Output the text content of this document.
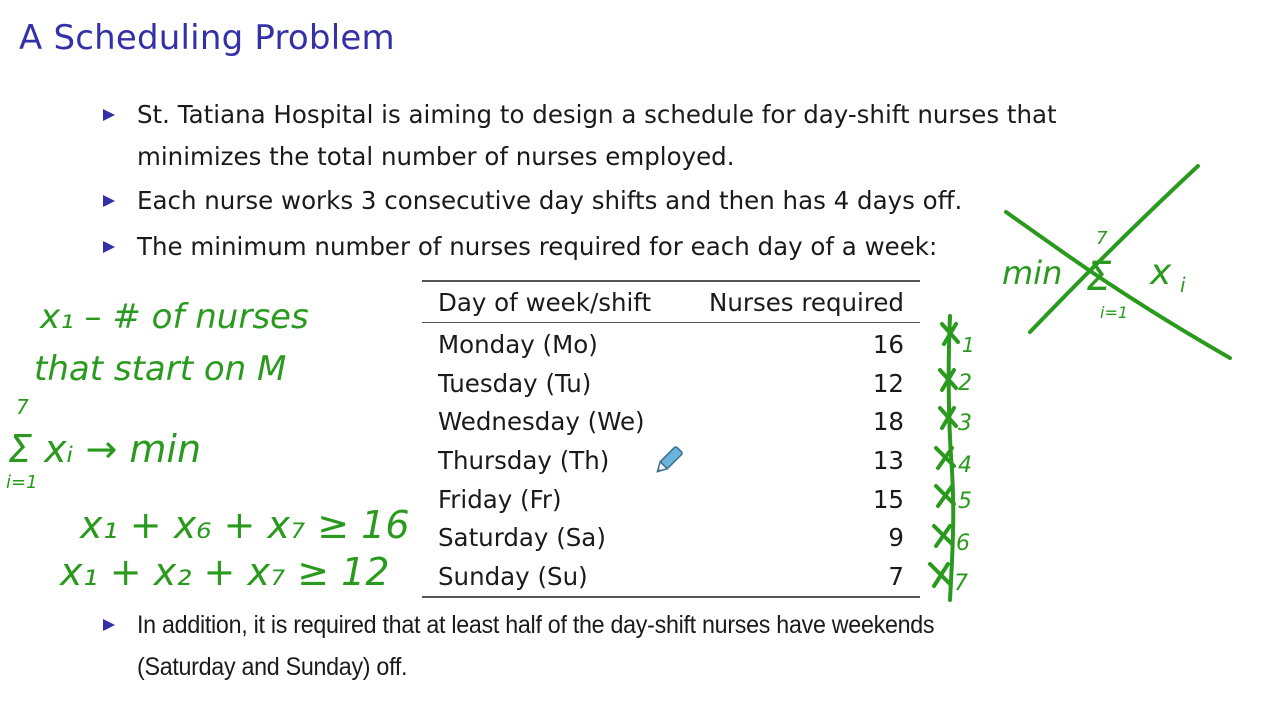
A Scheduling Problem
St. Tatiana Hospital is aiming to design a schedule for day-shift nurses that
minimizes the total number of nurses employed.
Each nurse works 3 consecutive day shifts and then has 4 days off.
The minimum number of nurses required for each day of a week:
In addition, it is required that at least half of the day-shift nurses have weekends
(Saturday and Sunday) off.
Day of week/shift	Nurses required
Monday (Mo)	16
Tuesday (Tu)	12
Wednesday (We)	18
Thursday (Th)	13
Friday (Fr)	15
Saturday (Sa)	9
Sunday (Su)	7
x₁ – # of nurses
that start on M
7
Σ xᵢ → min
i=1
x₁ + x₆ + x₇ ≥ 16
x₁ + x₂ + x₇ ≥ 12
1
2
3
4
5
6
7
min
7
Σ x i
i=1
